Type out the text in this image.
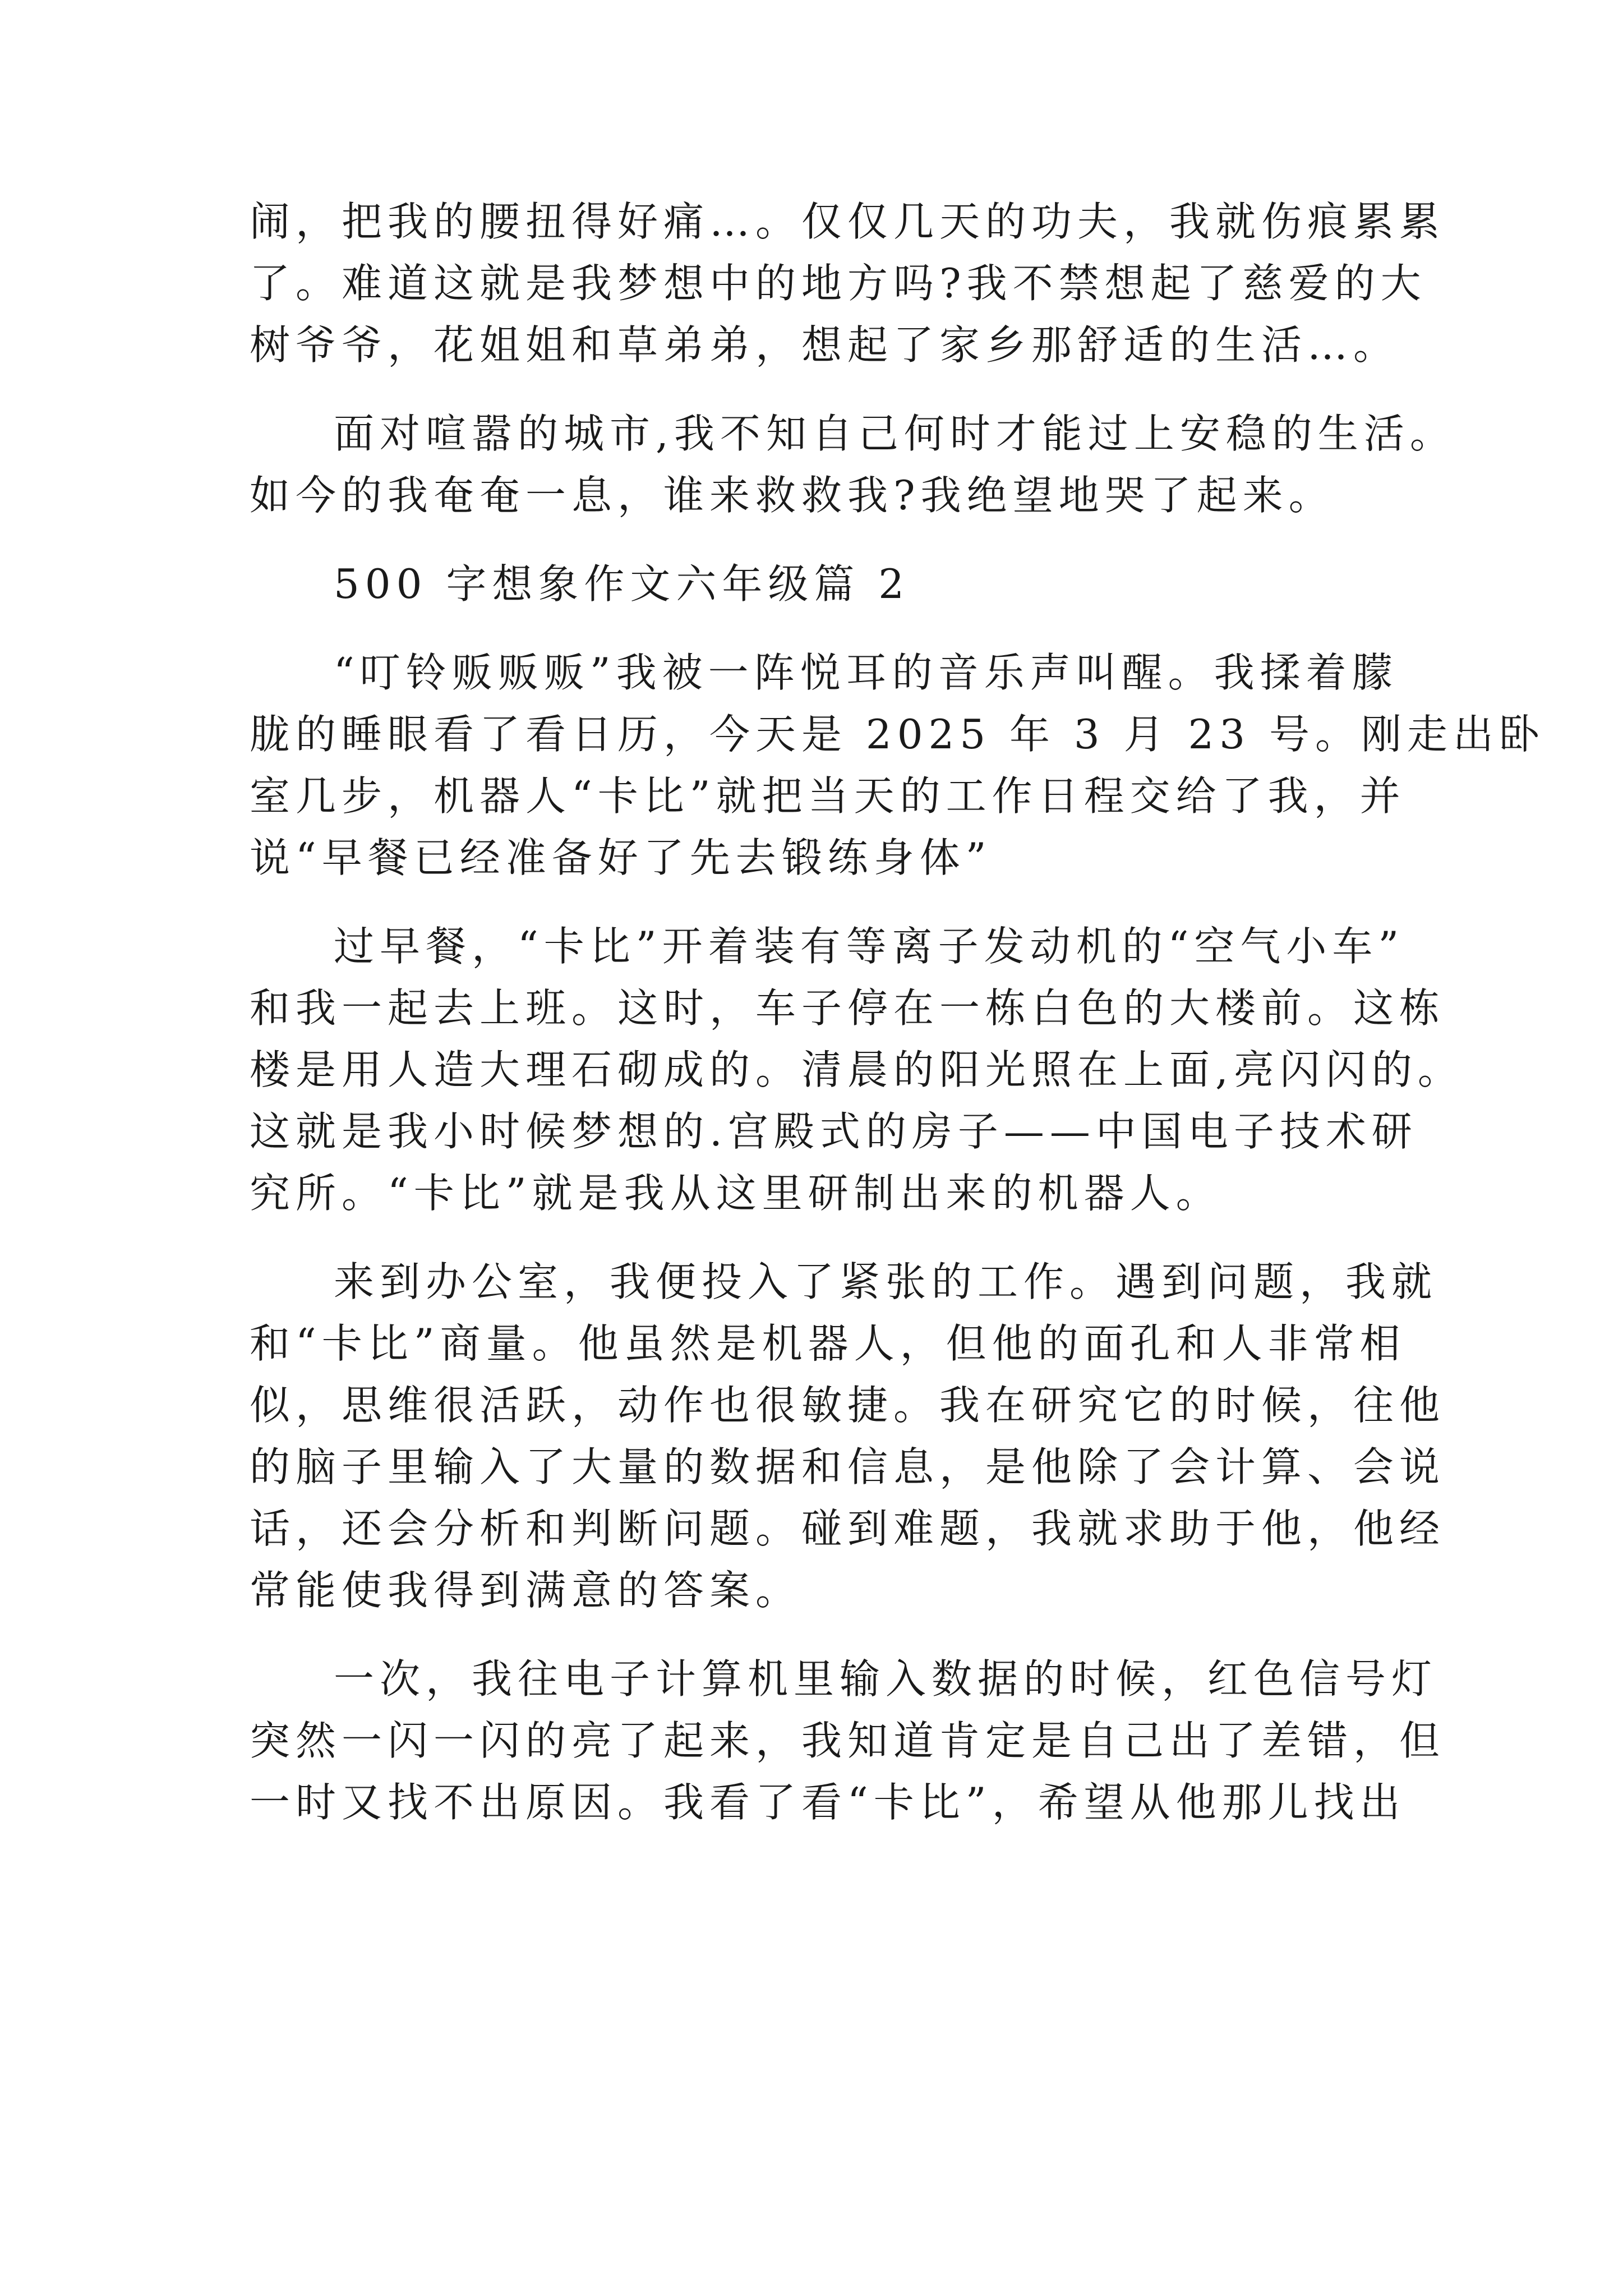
闹，把我的腰扭得好痛…。仅仅几天的功夫，我就伤痕累累
了。难道这就是我梦想中的地方吗?我不禁想起了慈爱的大
树爷爷，花姐姐和草弟弟，想起了家乡那舒适的生活…。
面对喧嚣的城市,我不知自己何时才能过上安稳的生活。
如今的我奄奄一息，谁来救救我?我绝望地哭了起来。
500 字想象作文六年级篇 2
“叮铃贩贩贩”我被一阵悦耳的音乐声叫醒。我揉着朦
胧的睡眼看了看日历，今天是 2025 年 3 月 23 号。刚走出卧
室几步，机器人“卡比”就把当天的工作日程交给了我，并
说“早餐已经准备好了先去锻练身体”
过早餐，“卡比”开着装有等离子发动机的“空气小车”
和我一起去上班。这时，车子停在一栋白色的大楼前。这栋
楼是用人造大理石砌成的。清晨的阳光照在上面,亮闪闪的。
这就是我小时候梦想的.宫殿式的房子——中国电子技术研
究所。“卡比”就是我从这里研制出来的机器人。
来到办公室，我便投入了紧张的工作。遇到问题，我就
和“卡比”商量。他虽然是机器人，但他的面孔和人非常相
似，思维很活跃，动作也很敏捷。我在研究它的时候，往他
的脑子里输入了大量的数据和信息，是他除了会计算、会说
话，还会分析和判断问题。碰到难题，我就求助于他，他经
常能使我得到满意的答案。
一次，我往电子计算机里输入数据的时候，红色信号灯
突然一闪一闪的亮了起来，我知道肯定是自己出了差错，但
一时又找不出原因。我看了看“卡比”，希望从他那儿找出
